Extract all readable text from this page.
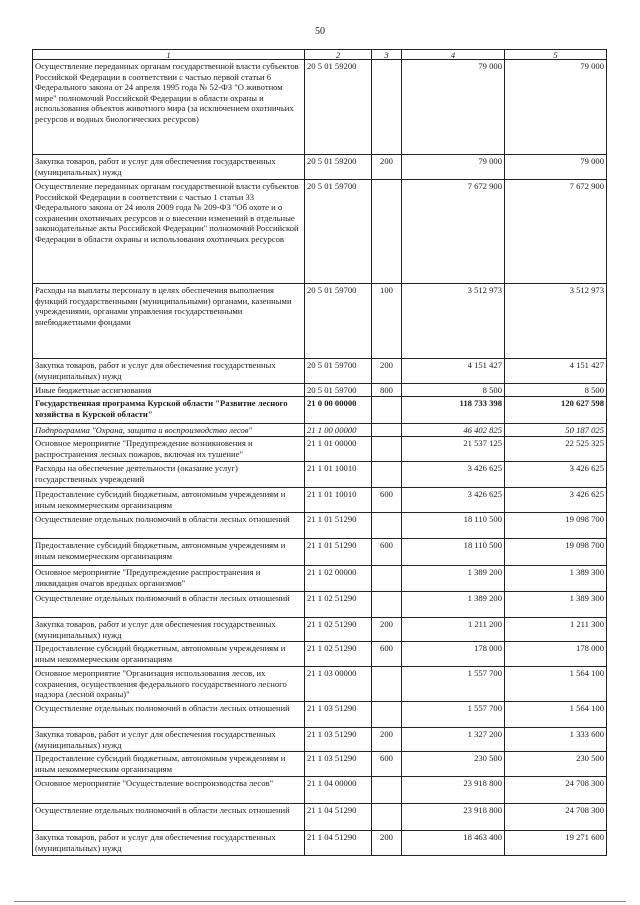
50
1	2	3	4	5
Осуществление переданных органам государственной власти субъектов Российской Федерации в соответствии с частью первой статьи 6 Федерального закона от 24 апреля 1995 года № 52-ФЗ "О животном мире" полномочий Российской Федерации в области охраны и использования объектов животного мира (за исключением охотничьих ресурсов и водных биологических ресурсов)	20 5 01 59200		79 000	79 000
Закупка товаров, работ и услуг для обеспечения государственных (муниципальных) нужд	20 5 01 59200	200	79 000	79 000
Осуществление переданных органам государственной власти субъектов Российской Федерации в соответствии с частью 1 статьи 33 Федерального закона от 24 июля 2009 года № 209-ФЗ "Об охоте и о сохранении охотничьих ресурсов и о внесении изменений в отдельные законодательные акты Российской Федерации" полномочий Российской Федерации в области охраны и использования охотничьих ресурсов	20 5 01 59700		7 672 900	7 672 900
Расходы на выплаты персоналу в целях обеспечения выполнения функций государственными (муниципальными) органами, казенными учреждениями, органами управления государственными внебюджетными фондами	20 5 01 59700	100	3 512 973	3 512 973
Закупка товаров, работ и услуг для обеспечения государственных (муниципальных) нужд	20 5 01 59700	200	4 151 427	4 151 427
Иные бюджетные ассигнования	20 5 01 59700	800	8 500	8 500
Государственная программа Курской области "Развитие лесного хозяйства в Курской области"	21 0 00 00000		118 733 398	120 627 598
Подпрограмма "Охрана, защита и воспроизводство лесов"	21 1 00 00000		46 402 825	50 187 025
Основное мероприятие "Предупреждение возникновения и распространения лесных пожаров, включая их тушение"	21 1 01 00000		21 537 125	22 525 325
Расходы на обеспечение деятельности (оказание услуг) государственных учреждений	21 1 01 10010		3 426 625	3 426 625
Предоставление субсидий бюджетным, автономным учреждениям и иным некоммерческим организациям	21 1 01 10010	600	3 426 625	3 426 625
Осуществление отдельных полномочий в области лесных отношений	21 1 01 51290		18 110 500	19 098 700
Предоставление субсидий бюджетным, автономным учреждениям и иным некоммерческим организациям	21 1 01 51290	600	18 110 500	19 098 700
Основное мероприятие "Предупреждение распространения и ликвидация очагов вредных организмов"	21 1 02 00000		1 389 200	1 389 300
Осуществление отдельных полномочий в области лесных отношений	21 1 02 51290		1 389 200	1 389 300
Закупка товаров, работ и услуг для обеспечения государственных (муниципальных) нужд	21 1 02 51290	200	1 211 200	1 211 300
Предоставление субсидий бюджетным, автономным учреждениям и иным некоммерческим организациям	21 1 02 51290	600	178 000	178 000
Основное мероприятие "Организация использования лесов, их сохранения, осуществления федерального государственного лесного надзора (лесной охраны)"	21 1 03 00000		1 557 700	1 564 100
Осуществление отдельных полномочий в области лесных отношений	21 1 03 51290		1 557 700	1 564 100
Закупка товаров, работ и услуг для обеспечения государственных (муниципальных) нужд	21 1 03 51290	200	1 327 200	1 333 600
Предоставление субсидий бюджетным, автономным учреждениям и иным некоммерческим организациям	21 1 03 51290	600	230 500	230 500
Основное мероприятие "Осуществление воспроизводства лесов"	21 1 04 00000		23 918 800	24 708 300
Осуществление отдельных полномочий в области лесных отношений	21 1 04 51290		23 918 800	24 708 300
Закупка товаров, работ и услуг для обеспечения государственных (муниципальных) нужд	21 1 04 51290	200	18 463 400	19 271 600
